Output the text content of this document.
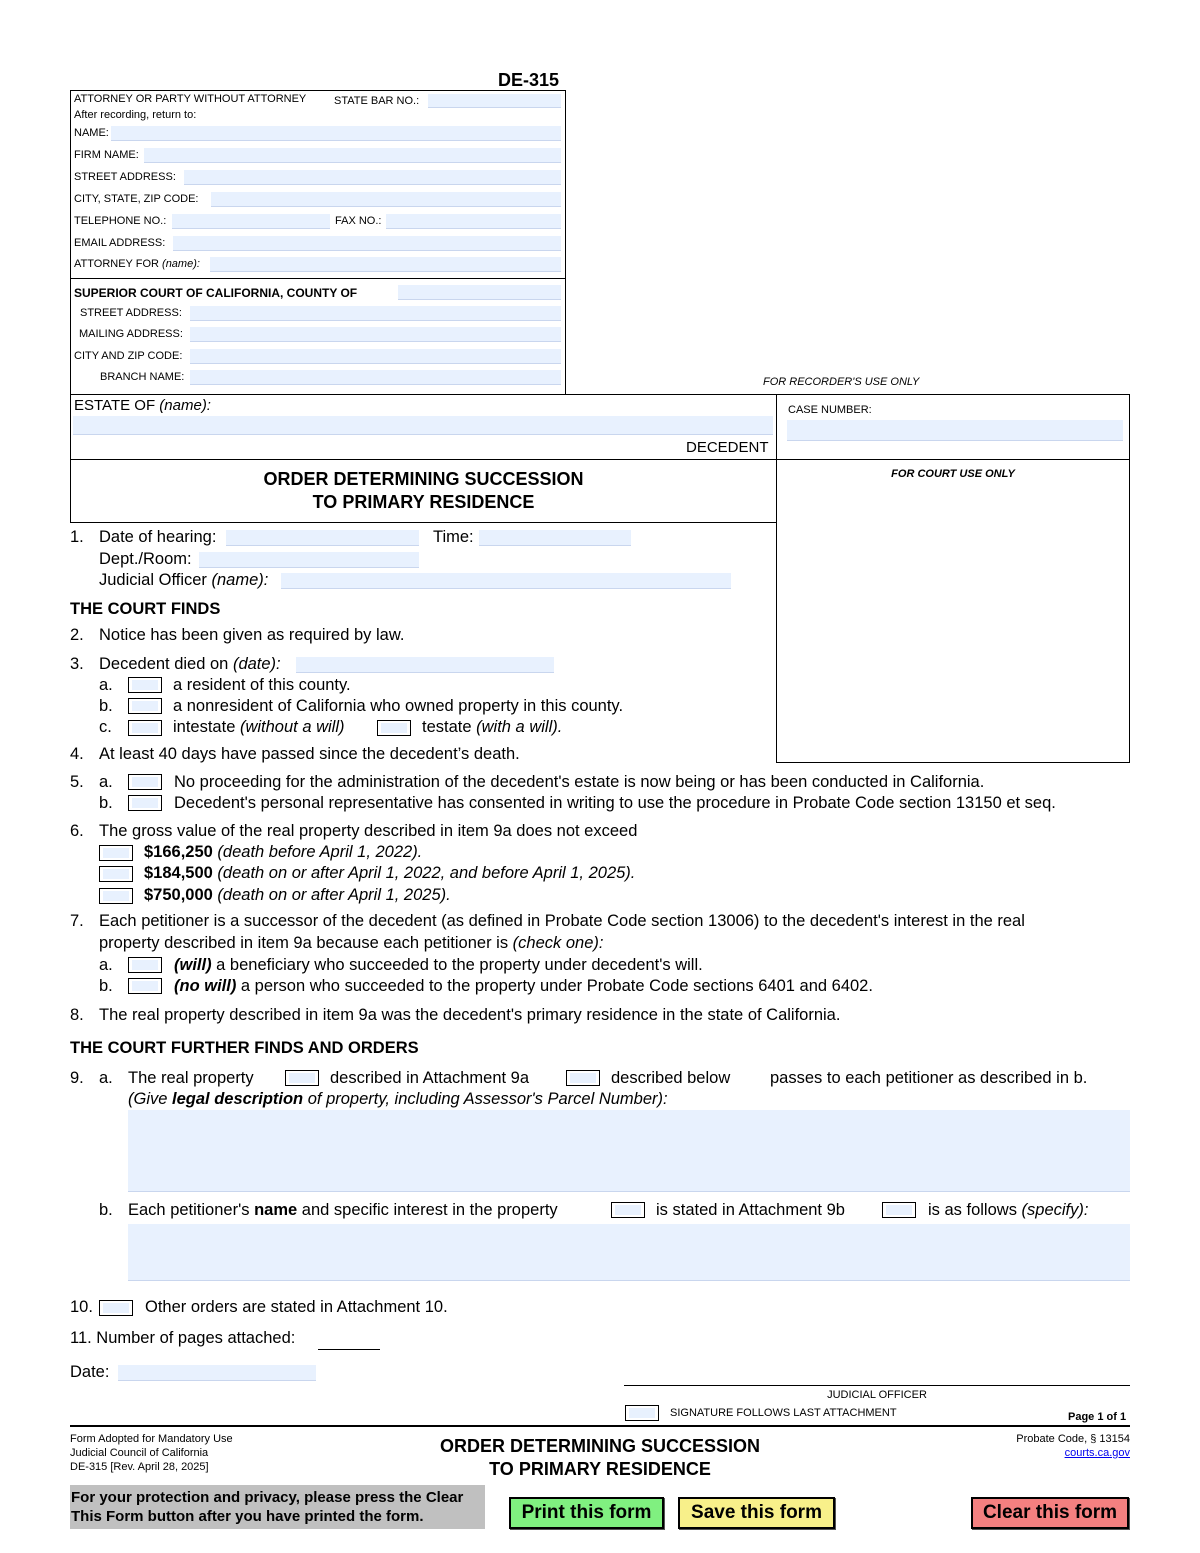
DE-315
ATTORNEY OR PARTY WITHOUT ATTORNEY	STATE BAR NO.:
After recording, return to:
NAME:
FIRM NAME:
STREET ADDRESS:
CITY, STATE, ZIP CODE:
TELEPHONE NO.:	FAX NO.:
EMAIL ADDRESS:
ATTORNEY FOR (name):
SUPERIOR COURT OF CALIFORNIA, COUNTY OF
STREET ADDRESS:
MAILING ADDRESS:
CITY AND ZIP CODE:
BRANCH NAME:	FOR RECORDER'S USE ONLY
ESTATE OF (name):
DECEDENT
CASE NUMBER:
ORDER DETERMINING SUCCESSION
TO PRIMARY RESIDENCE
FOR COURT USE ONLY
1. Date of hearing:	Time:
Dept./Room:
Judicial Officer (name):
THE COURT FINDS
2. Notice has been given as required by law.
3. Decedent died on (date):
a.	a resident of this county.
b.	a nonresident of California who owned property in this county.
c.	intestate (without a will)	testate (with a will).
4. At least 40 days have passed since the decedent’s death.
5. a.	No proceeding for the administration of the decedent's estate is now being or has been conducted in California.
b.	Decedent's personal representative has consented in writing to use the procedure in Probate Code section 13150 et seq.
6. The gross value of the real property described in item 9a does not exceed
$166,250 (death before April 1, 2022).
$184,500 (death on or after April 1, 2022, and before April 1, 2025).
$750,000 (death on or after April 1, 2025).
7. Each petitioner is a successor of the decedent (as defined in Probate Code section 13006) to the decedent's interest in the real
property described in item 9a because each petitioner is (check one):
a.	(will) a beneficiary who succeeded to the property under decedent's will.
b.	(no will) a person who succeeded to the property under Probate Code sections 6401 and 6402.
8. The real property described in item 9a was the decedent's primary residence in the state of California.
THE COURT FURTHER FINDS AND ORDERS
9. a. The real property	described in Attachment 9a	described below passes to each petitioner as described in b.
(Give legal description of property, including Assessor's Parcel Number):
b. Each petitioner's name and specific interest in the property	is stated in Attachment 9b	is as follows (specify):
10.	Other orders are stated in Attachment 10.
11. Number of pages attached:
Date:
JUDICIAL OFFICER
SIGNATURE FOLLOWS LAST ATTACHMENT	Page 1 of 1
Form Adopted for Mandatory Use
Judicial Council of California
DE-315 [Rev. April 28, 2025]
ORDER DETERMINING SUCCESSION
TO PRIMARY RESIDENCE
Probate Code, § 13154
courts.ca.gov
For your protection and privacy, please press the Clear
This Form button after you have printed the form.	Print this form	Save this form	Clear this form
